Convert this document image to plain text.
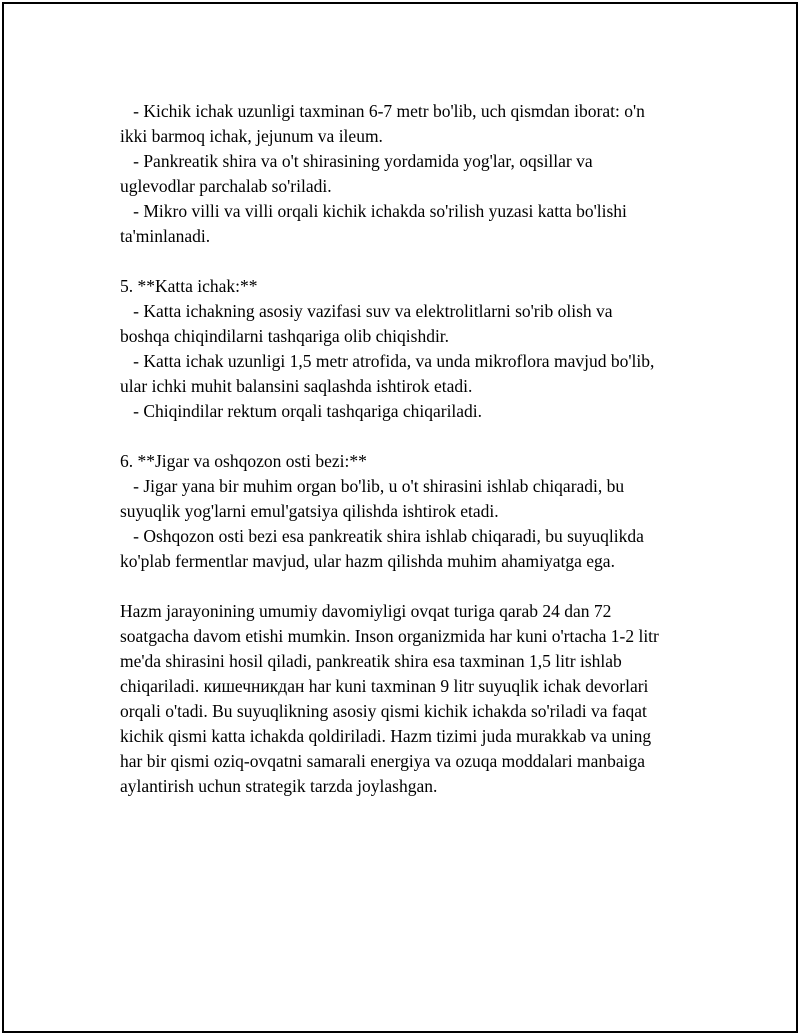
- Kichik ichak uzunligi taxminan 6-7 metr bo'lib, uch qismdan iborat: o'n
ikki barmoq ichak, jejunum va ileum.
- Pankreatik shira va o't shirasining yordamida yog'lar, oqsillar va
uglevodlar parchalab so'riladi.
- Mikro villi va villi orqali kichik ichakda so'rilish yuzasi katta bo'lishi
ta'minlanadi.
5. **Katta ichak:**
- Katta ichakning asosiy vazifasi suv va elektrolitlarni so'rib olish va
boshqa chiqindilarni tashqariga olib chiqishdir.
- Katta ichak uzunligi 1,5 metr atrofida, va unda mikroflora mavjud bo'lib,
ular ichki muhit balansini saqlashda ishtirok etadi.
- Chiqindilar rektum orqali tashqariga chiqariladi.
6. **Jigar va oshqozon osti bezi:**
- Jigar yana bir muhim organ bo'lib, u o't shirasini ishlab chiqaradi, bu
suyuqlik yog'larni emul'gatsiya qilishda ishtirok etadi.
- Oshqozon osti bezi esa pankreatik shira ishlab chiqaradi, bu suyuqlikda
ko'plab fermentlar mavjud, ular hazm qilishda muhim ahamiyatga ega.
Hazm jarayonining umumiy davomiyligi ovqat turiga qarab 24 dan 72
soatgacha davom etishi mumkin. Inson organizmida har kuni o'rtacha 1-2 litr
me'da shirasini hosil qiladi, pankreatik shira esa taxminan 1,5 litr ishlab
chiqariladi. кишечникдан har kuni taxminan 9 litr suyuqlik ichak devorlari
orqali o'tadi. Bu suyuqlikning asosiy qismi kichik ichakda so'riladi va faqat
kichik qismi katta ichakda qoldiriladi. Hazm tizimi juda murakkab va uning
har bir qismi oziq-ovqatni samarali energiya va ozuqa moddalari manbaiga
aylantirish uchun strategik tarzda joylashgan.
